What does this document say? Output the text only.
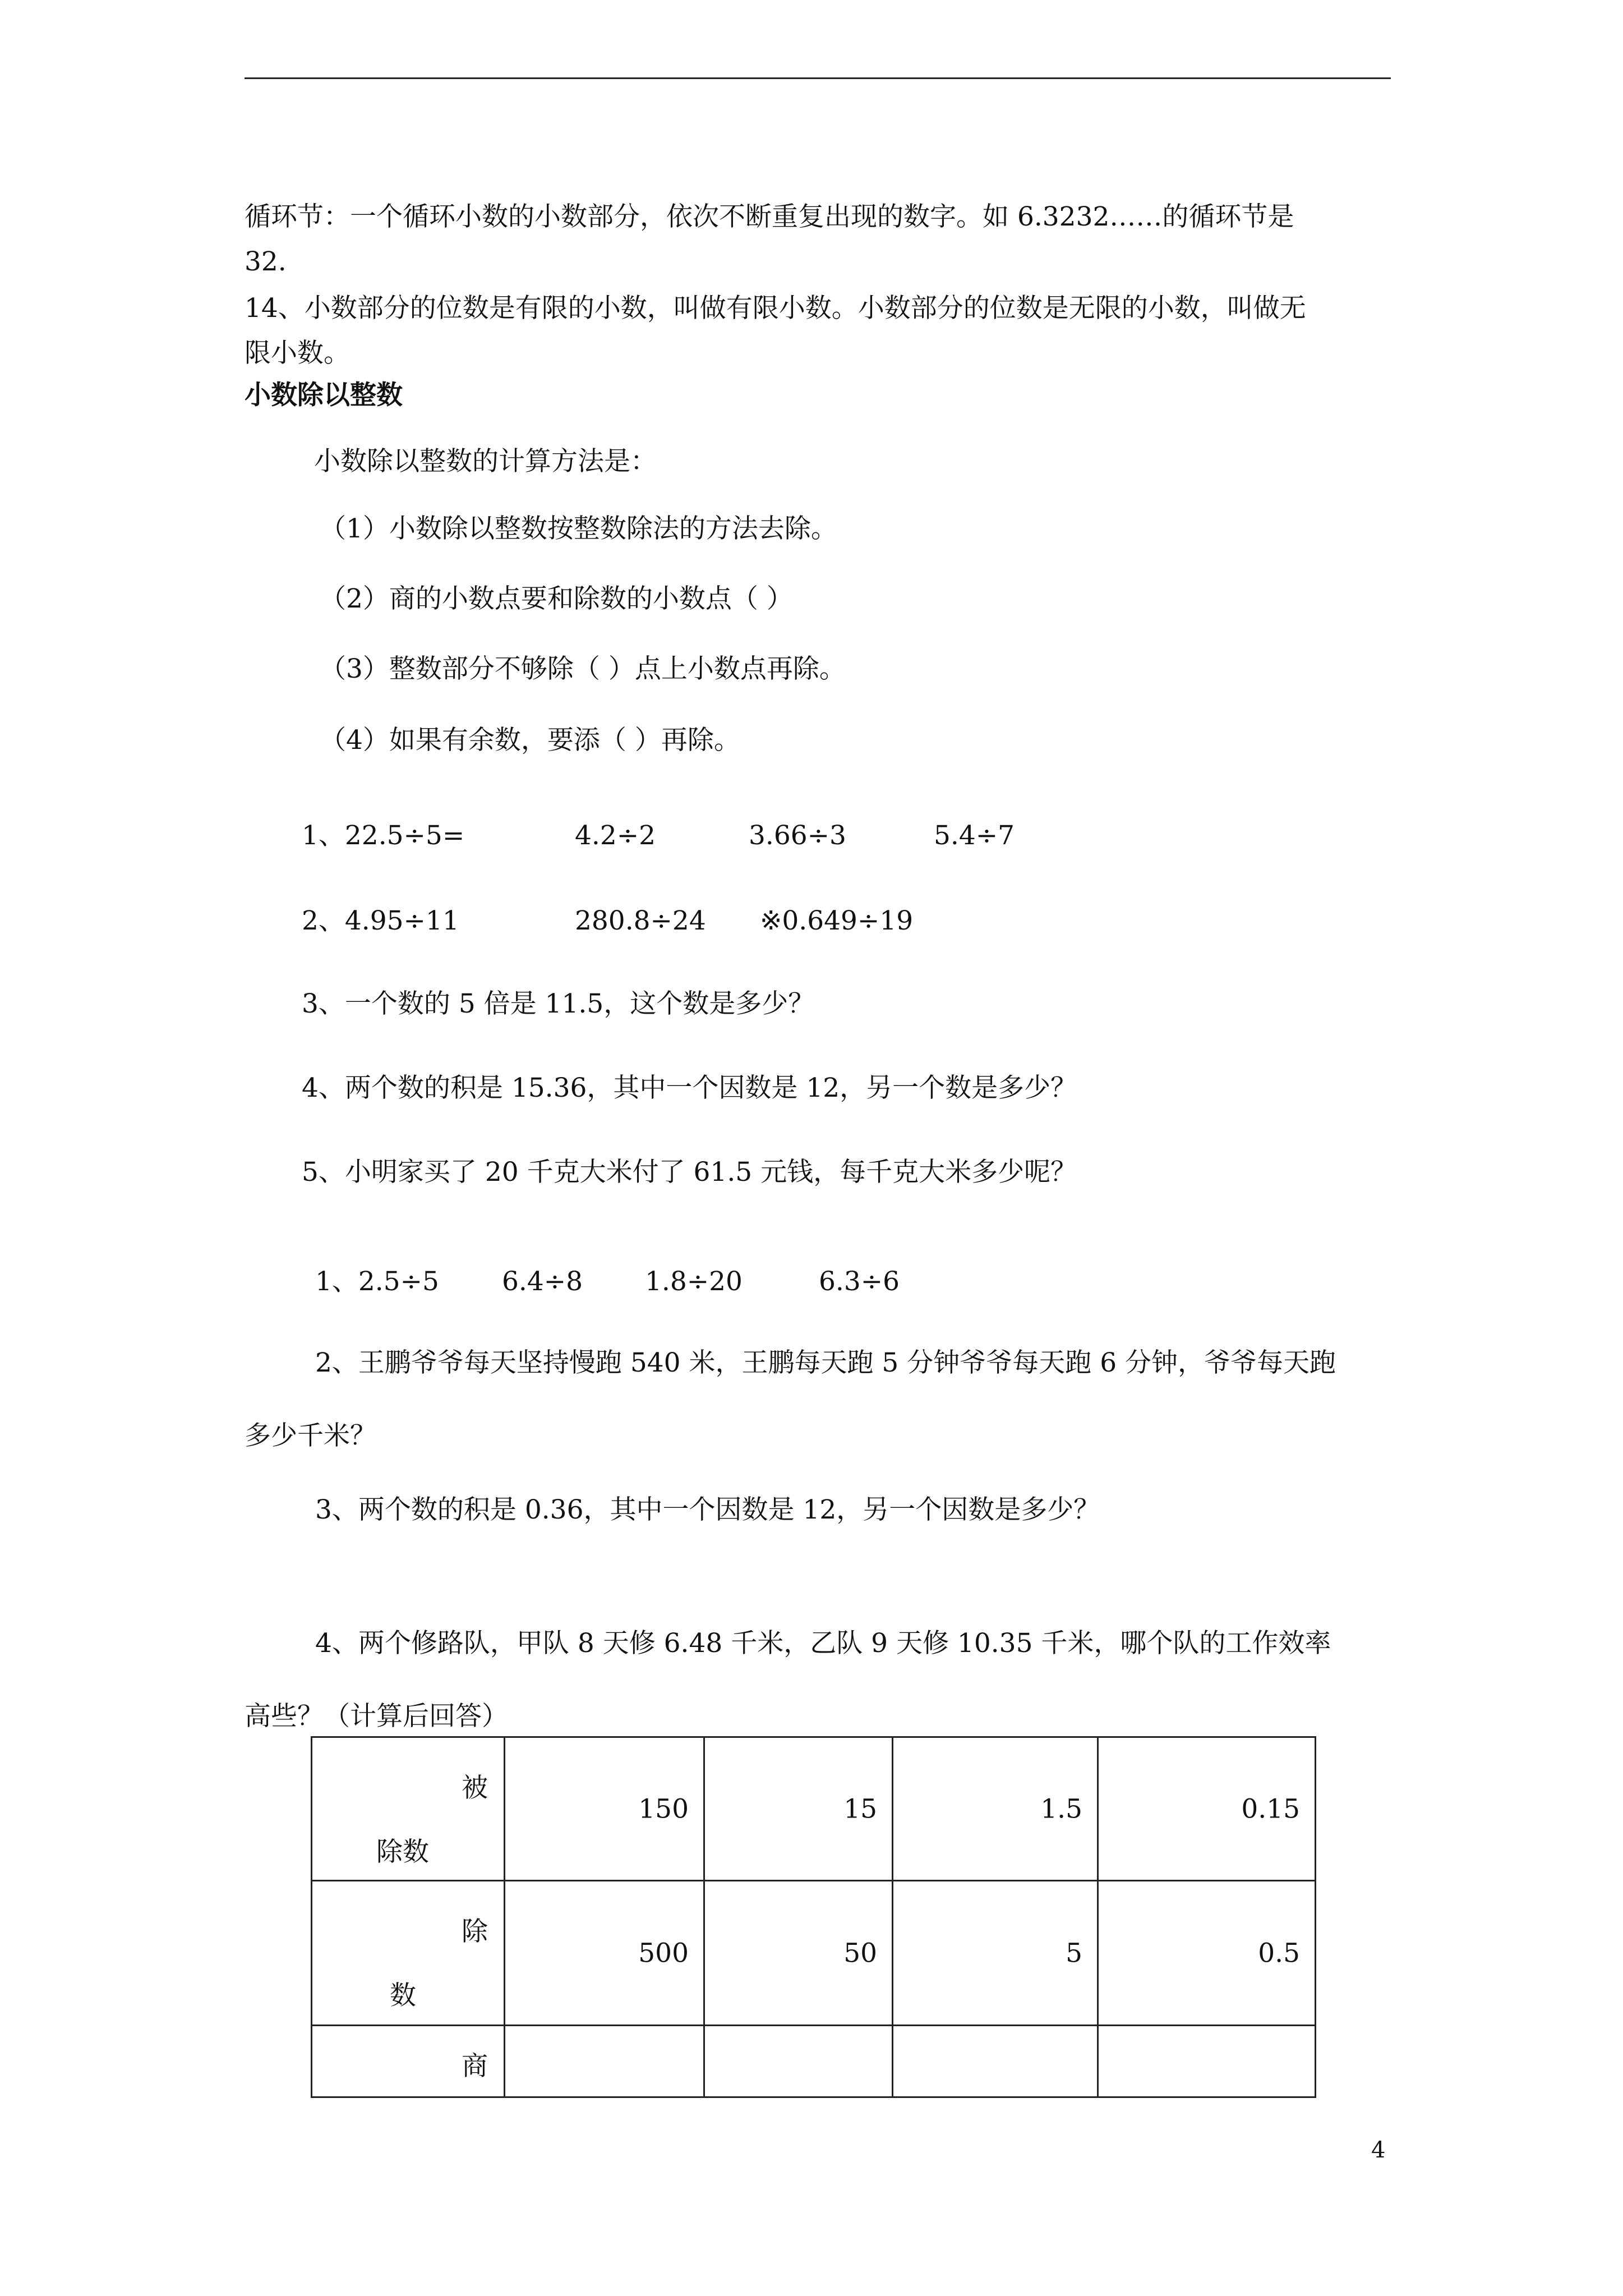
循环节：一个循环小数的小数部分，依次不断重复出现的数字。如 6.3232……的循环节是
32.
14、小数部分的位数是有限的小数，叫做有限小数。小数部分的位数是无限的小数，叫做无
限小数。
小数除以整数
小数除以整数的计算方法是：
（1）小数除以整数按整数除法的方法去除。
（2）商的小数点要和除数的小数点（ ）
（3）整数部分不够除（ ）点上小数点再除。
（4）如果有余数，要添（ ）再除。
1、22.5÷5=	4.2÷2	3.66÷3	5.4÷7
2、4.95÷11	280.8÷24 ※0.649÷19
3、一个数的 5 倍是 11.5，这个数是多少？
4、两个数的积是 15.36，其中一个因数是 12，另一个数是多少？
5、小明家买了 20 千克大米付了 61.5 元钱，每千克大米多少呢？
1、2.5÷5 6.4÷8 1.8÷20	6.3÷6
2、王鹏爷爷每天坚持慢跑 540 米，王鹏每天跑 5 分钟爷爷每天跑 6 分钟，爷爷每天跑
多少千米？
3、两个数的积是 0.36，其中一个因数是 12，另一个因数是多少？
4、两个修路队，甲队 8 天修 6.48 千米，乙队 9 天修 10.35 千米，哪个队的工作效率
高些？（计算后回答）
被
除数	150	15	1.5	0.15

除
数	500	50	5	0.5

商				

4
